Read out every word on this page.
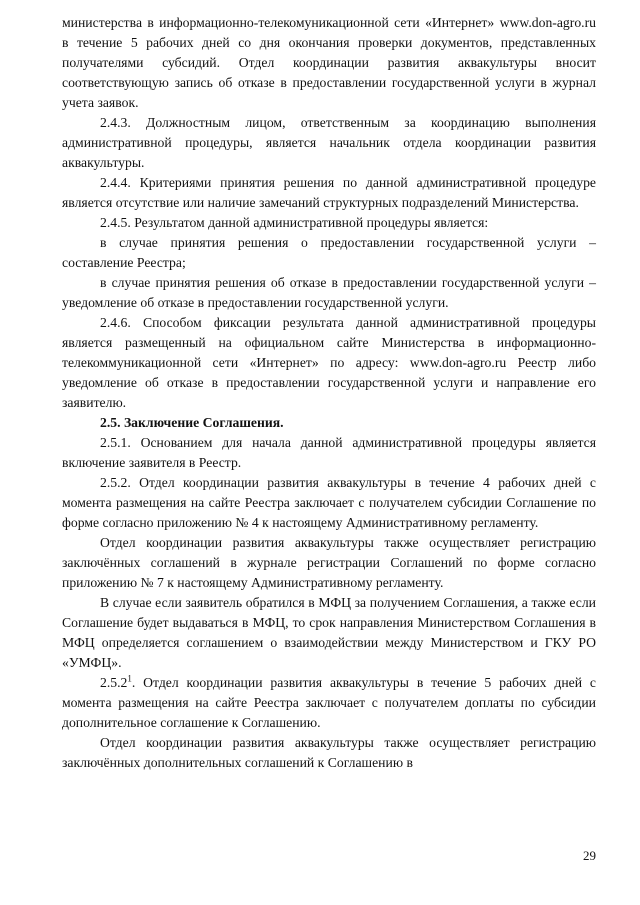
министерства в информационно-телекомуникационной сети «Интернет» www.don-agro.ru в течение 5 рабочих дней со дня окончания проверки документов, представленных получателями субсидий. Отдел координации развития аквакультуры вносит соответствующую запись об отказе в предоставлении государственной услуги в журнал учета заявок.

2.4.3. Должностным лицом, ответственным за координацию выполнения административной процедуры, является начальник отдела координации развития аквакультуры.

2.4.4. Критериями принятия решения по данной административной процедуре является отсутствие или наличие замечаний структурных подразделений Министерства.

2.4.5. Результатом данной административной процедуры является:

в случае принятия решения о предоставлении государственной услуги – составление Реестра;

в случае принятия решения об отказе в предоставлении государственной услуги – уведомление об отказе в предоставлении государственной услуги.

2.4.6. Способом фиксации результата данной административной процедуры является размещенный на официальном сайте Министерства в информационно-телекоммуникационной сети «Интернет» по адресу: www.don-agro.ru Реестр либо уведомление об отказе в предоставлении государственной услуги и направление его заявителю.

2.5. Заключение Соглашения.

2.5.1. Основанием для начала данной административной процедуры является включение заявителя в Реестр.

2.5.2. Отдел координации развития аквакультуры в течение 4 рабочих дней с момента размещения на сайте Реестра заключает с получателем субсидии Соглашение по форме согласно приложению № 4 к настоящему Административному регламенту.

Отдел координации развития аквакультуры также осуществляет регистрацию заключённых соглашений в журнале регистрации Соглашений по форме согласно приложению № 7 к настоящему Административному регламенту.

В случае если заявитель обратился в МФЦ за получением Соглашения, а также если Соглашение будет выдаваться в МФЦ, то срок направления Министерством Соглашения в МФЦ определяется соглашением о взаимодействии между Министерством и ГКУ РО «УМФЦ».

2.5.2$^1$. Отдел координации развития аквакультуры в течение 5 рабочих дней с момента размещения на сайте Реестра заключает с получателем доплаты по субсидии дополнительное соглашение к Соглашению.

Отдел координации развития аквакультуры также осуществляет регистрацию заключённых дополнительных соглашений к Соглашению в

29
